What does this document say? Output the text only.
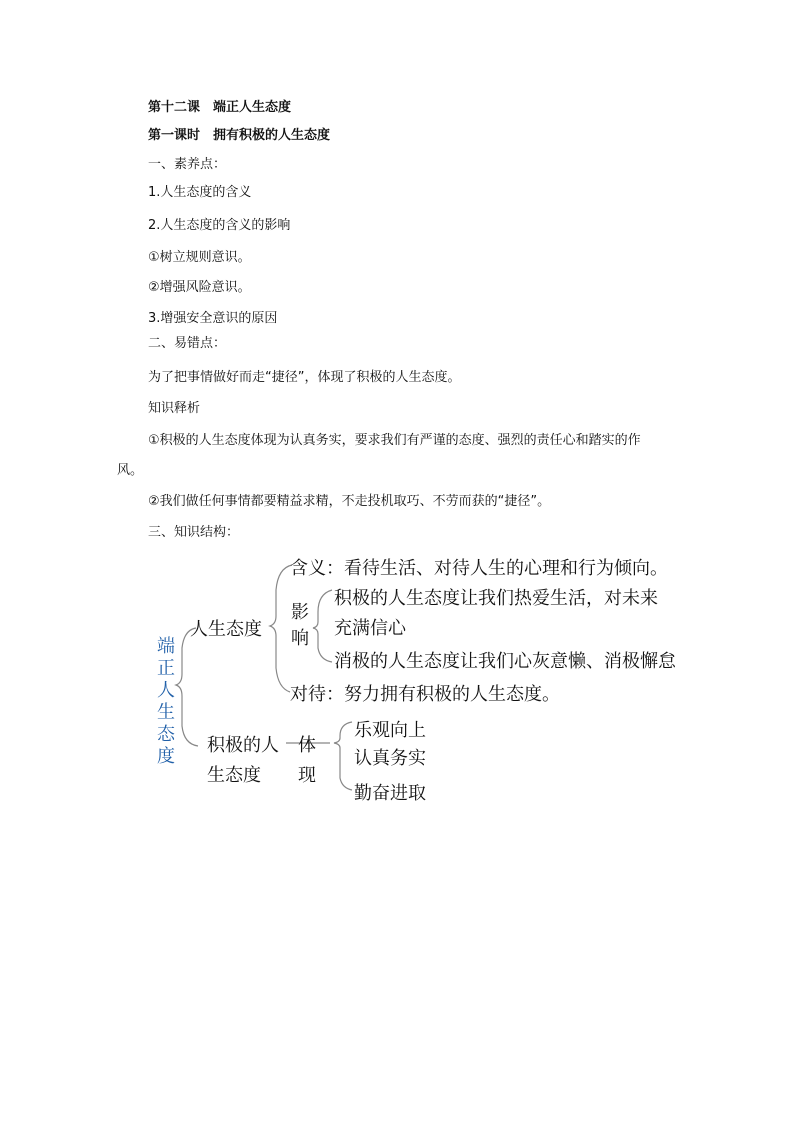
第十二课　端正人生态度
第一课时　拥有积极的人生态度
一、素养点：
1.人生态度的含义
2.人生态度的含义的影响
①树立规则意识。
②增强风险意识。
3.增强安全意识的原因
二、易错点：
为了把事情做好而走“捷径”，体现了积极的人生态度。
知识释析
①积极的人生态度体现为认真务实，要求我们有严谨的态度、强烈的责任心和踏实的作
风。
②我们做任何事情都要精益求精，不走投机取巧、不劳而获的“捷径”。
三、知识结构：
端正人生态度
人生态度
含义：看待生活、对待人生的心理和行为倾向。
影响
积极的人生态度让我们热爱生活，对未来
充满信心
消极的人生态度让我们心灰意懒、消极懈怠
对待：努力拥有积极的人生态度。
积极的人
生态度
体
现
乐观向上
认真务实
勤奋进取
